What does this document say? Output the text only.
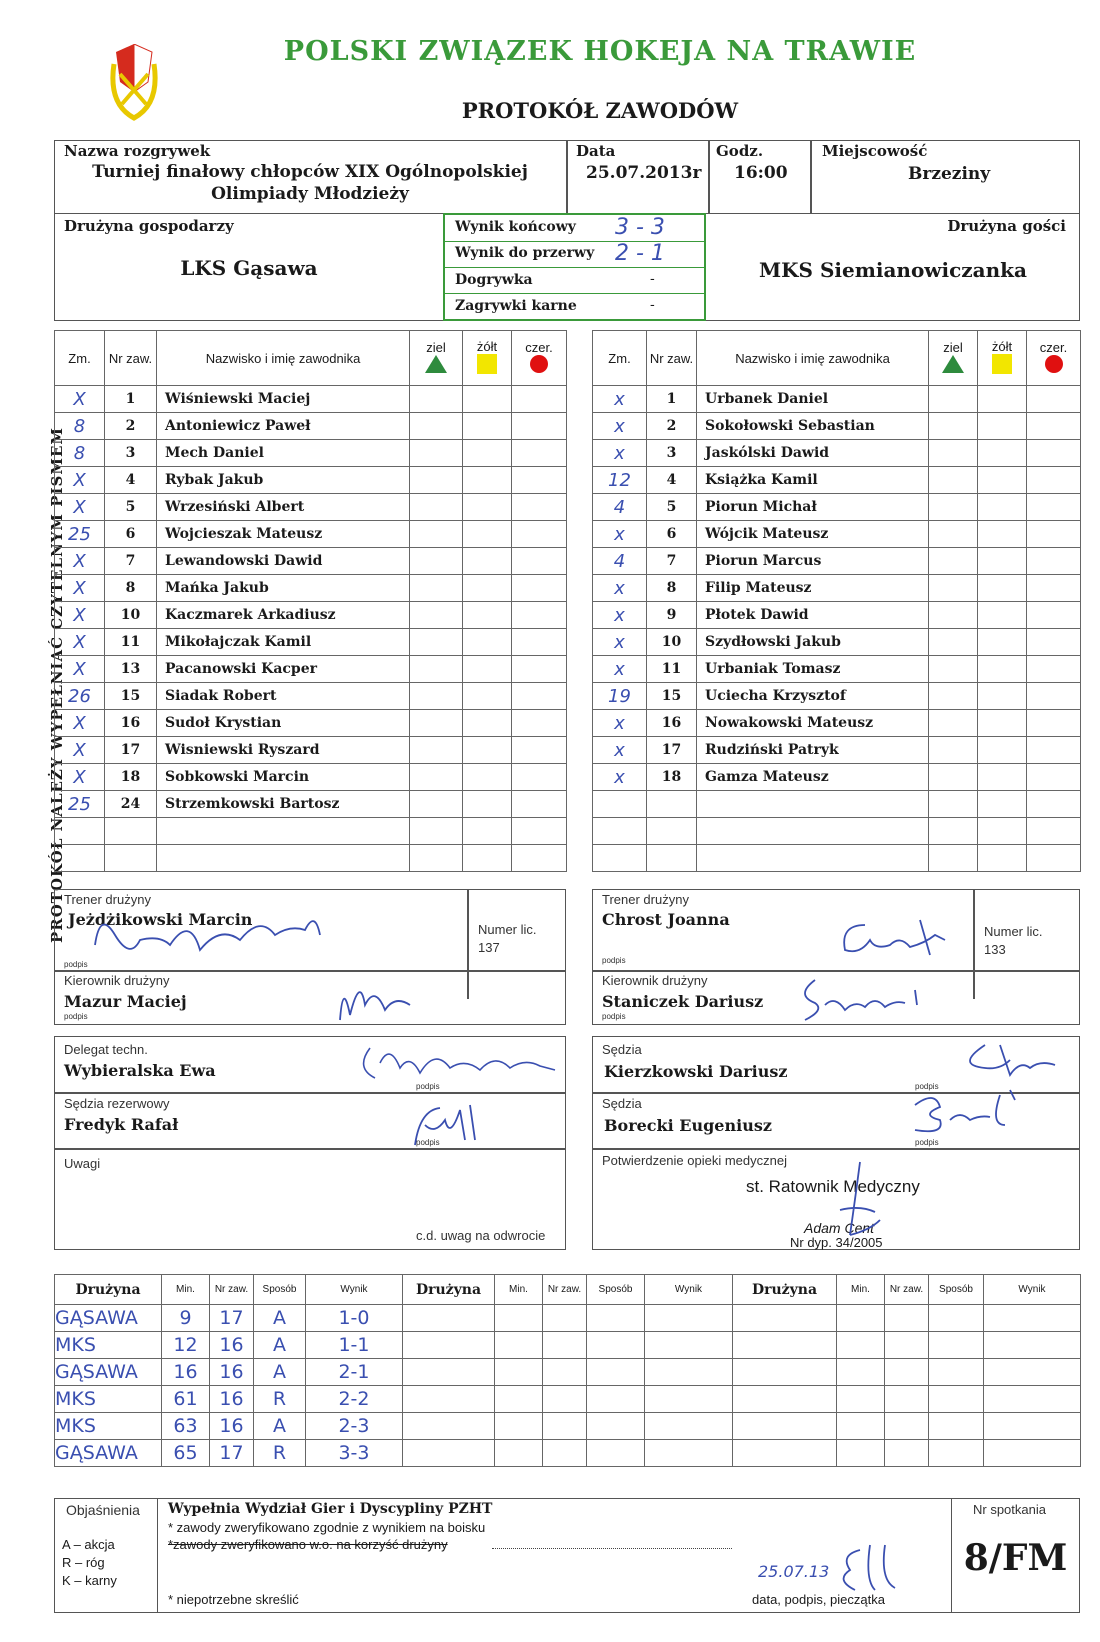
POLSKI ZWIĄZEK HOKEJA NA TRAWIE
PROTOKÓŁ ZAWODÓW
PROTOKÓŁ NALEŻY WYPEŁNIAĆ CZYTELNYM PISMEM
Nazwa rozgrywek
Turniej finałowy chłopców XIX Ogólnopolskiej
Olimpiady Młodzieży
Data
25.07.2013r
Godz.
16:00
Miejscowość
Brzeziny
Drużyna gospodarzy
LKS Gąsawa
Drużyna gości
MKS Siemianowiczanka
Wynik końcowy 3 - 3
Wynik do przerwy 2 - 1
Dogrywka	-
Zagrywki karne	-
Zm.	Nr zaw.	Nazwisko i imię zawodnika	ziel	żółt	czer.

X	1	Wiśniewski Maciej			
8	2	Antoniewicz Paweł			
8	3	Mech Daniel			
X	4	Rybak Jakub			
X	5	Wrzesiński Albert			
25	6	Wojcieszak Mateusz			
X	7	Lewandowski Dawid			
X	8	Mańka Jakub			
X	10	Kaczmarek Arkadiusz			
X	11	Mikołajczak Kamil			
X	13	Pacanowski Kacper			
26	15	Siadak Robert			
X	16	Sudoł Krystian			
X	17	Wisniewski Ryszard			
X	18	Sobkowski Marcin			
25	24	Strzemkowski Bartosz			

Zm.	Nr zaw.	Nazwisko i imię zawodnika	ziel	żółt	czer.

x	1	Urbanek Daniel			
x	2	Sokołowski Sebastian			
x	3	Jaskólski Dawid			
12	4	Książka Kamil			
4	5	Piorun Michał			
x	6	Wójcik Mateusz			
4	7	Piorun Marcus			
x	8	Filip Mateusz			
x	9	Płotek Dawid			
x	10	Szydłowski Jakub			
x	11	Urbaniak Tomasz			
19	15	Uciecha Krzysztof			
x	16	Nowakowski Mateusz			
x	17	Rudziński Patryk			
x	18	Gamza Mateusz			

Trener drużyny
Jeżdżikowski Marcin
podpis
Numer lic.
137
Kierownik drużyny
Mazur Maciej
podpis
Trener drużyny
Chrost Joanna
podpis
Numer lic.
133
Kierownik drużyny
Staniczek Dariusz
podpis
Delegat techn.
Wybieralska Ewa
Sędzia rezerwowy
Fredyk Rafał
Uwagi
c.d. uwag na odwrocie
podpis
podpis
Sędzia
Kierzkowski Dariusz
podpis
Sędzia
Borecki Eugeniusz
podpis
Potwierdzenie opieki medycznej
st. Ratownik Medyczny
Adam Cent
Nr dyp. 34/2005
Drużyna	Min.	Nr zaw.	Sposób	Wynik	Drużyna	Min.	Nr zaw.	Sposób	Wynik	Drużyna	Min.	Nr zaw.	Sposób	Wynik
GĄSAWA	9	17	A	1-0										
MKS	12	16	A	1-1										
GĄSAWA	16	16	A	2-1										
MKS	61	16	R	2-2										
MKS	63	16	A	2-3										
GĄSAWA	65	17	R	3-3										
Objaśnienia
A – akcja
R – róg
K – karny
Wypełnia Wydział Gier i Dyscypliny PZHT
* zawody zweryfikowano zgodnie z wynikiem na boisku
*zawody zweryfikowano w.o. na korzyść drużyny
* niepotrzebne skreślić
25.07.13
data, podpis, pieczątka
Nr spotkania
8/FM
